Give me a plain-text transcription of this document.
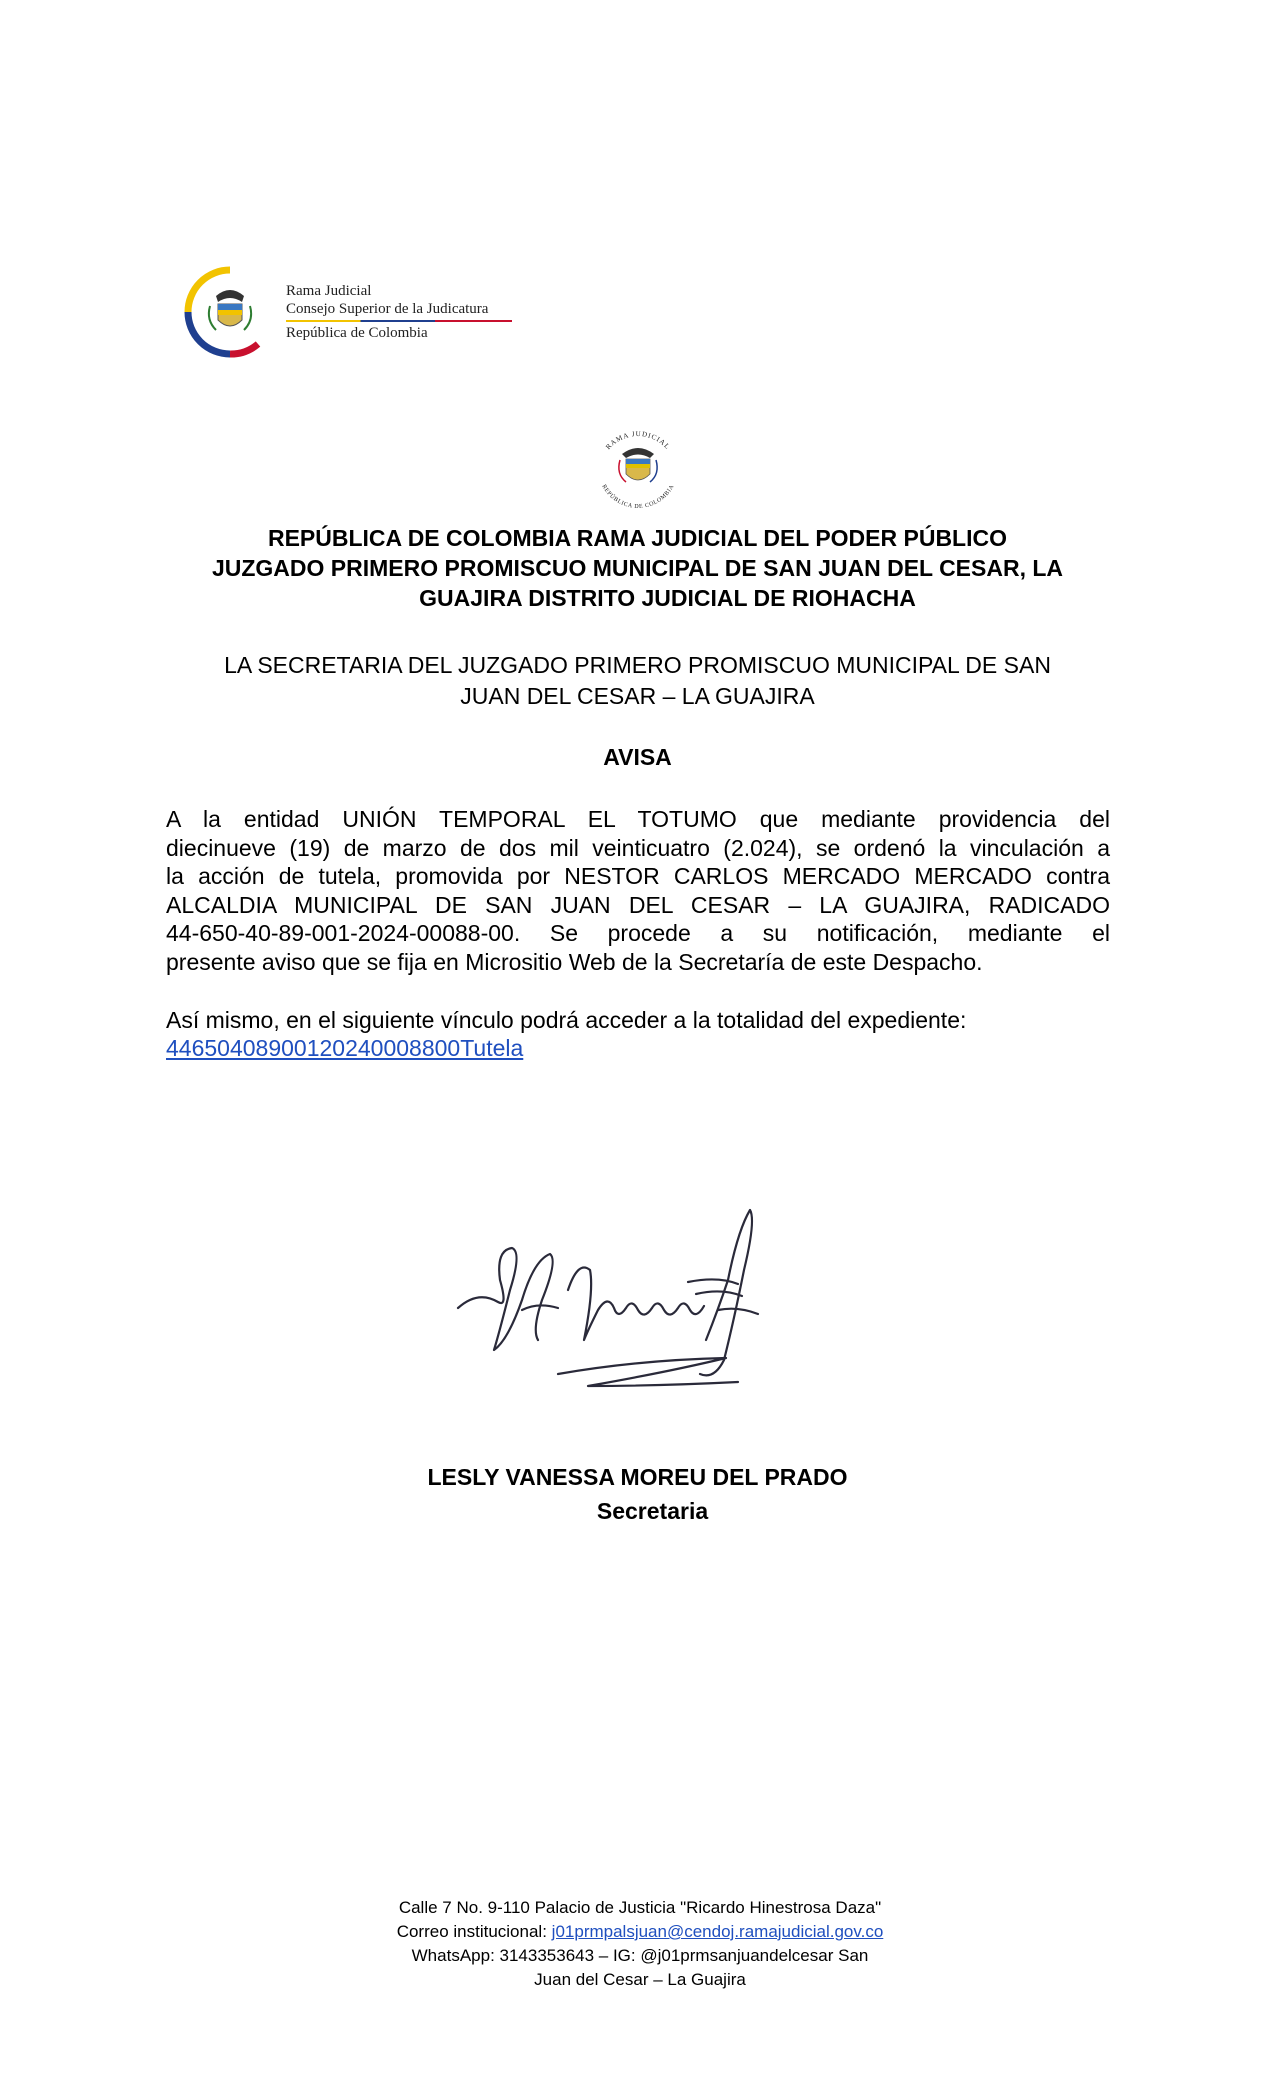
Rama Judicial
Consejo Superior de la Judicatura
República de Colombia
RAMA JUDICIAL
REPÚBLICA DE COLOMBIA
REPÚBLICA DE COLOMBIA RAMA JUDICIAL DEL PODER PÚBLICO
JUZGADO PRIMERO PROMISCUO MUNICIPAL DE SAN JUAN DEL CESAR, LA
GUAJIRA DISTRITO JUDICIAL DE RIOHACHA
LA SECRETARIA DEL JUZGADO PRIMERO PROMISCUO MUNICIPAL DE SAN
JUAN DEL CESAR – LA GUAJIRA
AVISA
A la entidad UNIÓN TEMPORAL EL TOTUMO que mediante providencia del
diecinueve (19) de marzo de dos mil veinticuatro (2.024), se ordenó la vinculación a
la acción de tutela, promovida por NESTOR CARLOS MERCADO MERCADO contra
ALCALDIA MUNICIPAL DE SAN JUAN DEL CESAR – LA GUAJIRA, RADICADO
44-650-40-89-001-2024-00088-00. Se procede a su notificación, mediante el
presente aviso que se fija en Micrositio Web de la Secretaría de este Despacho.
Así mismo, en el siguiente vínculo podrá acceder a la totalidad del expediente:
44650408900120240008800Tutela
LESLY VANESSA MOREU DEL PRADO
Secretaria
Calle 7 No. 9-110 Palacio de Justicia "Ricardo Hinestrosa Daza"
Correo institucional: j01prmpalsjuan@cendoj.ramajudicial.gov.co
WhatsApp: 3143353643 – IG: @j01prmsanjuandelcesar San
Juan del Cesar – La Guajira
